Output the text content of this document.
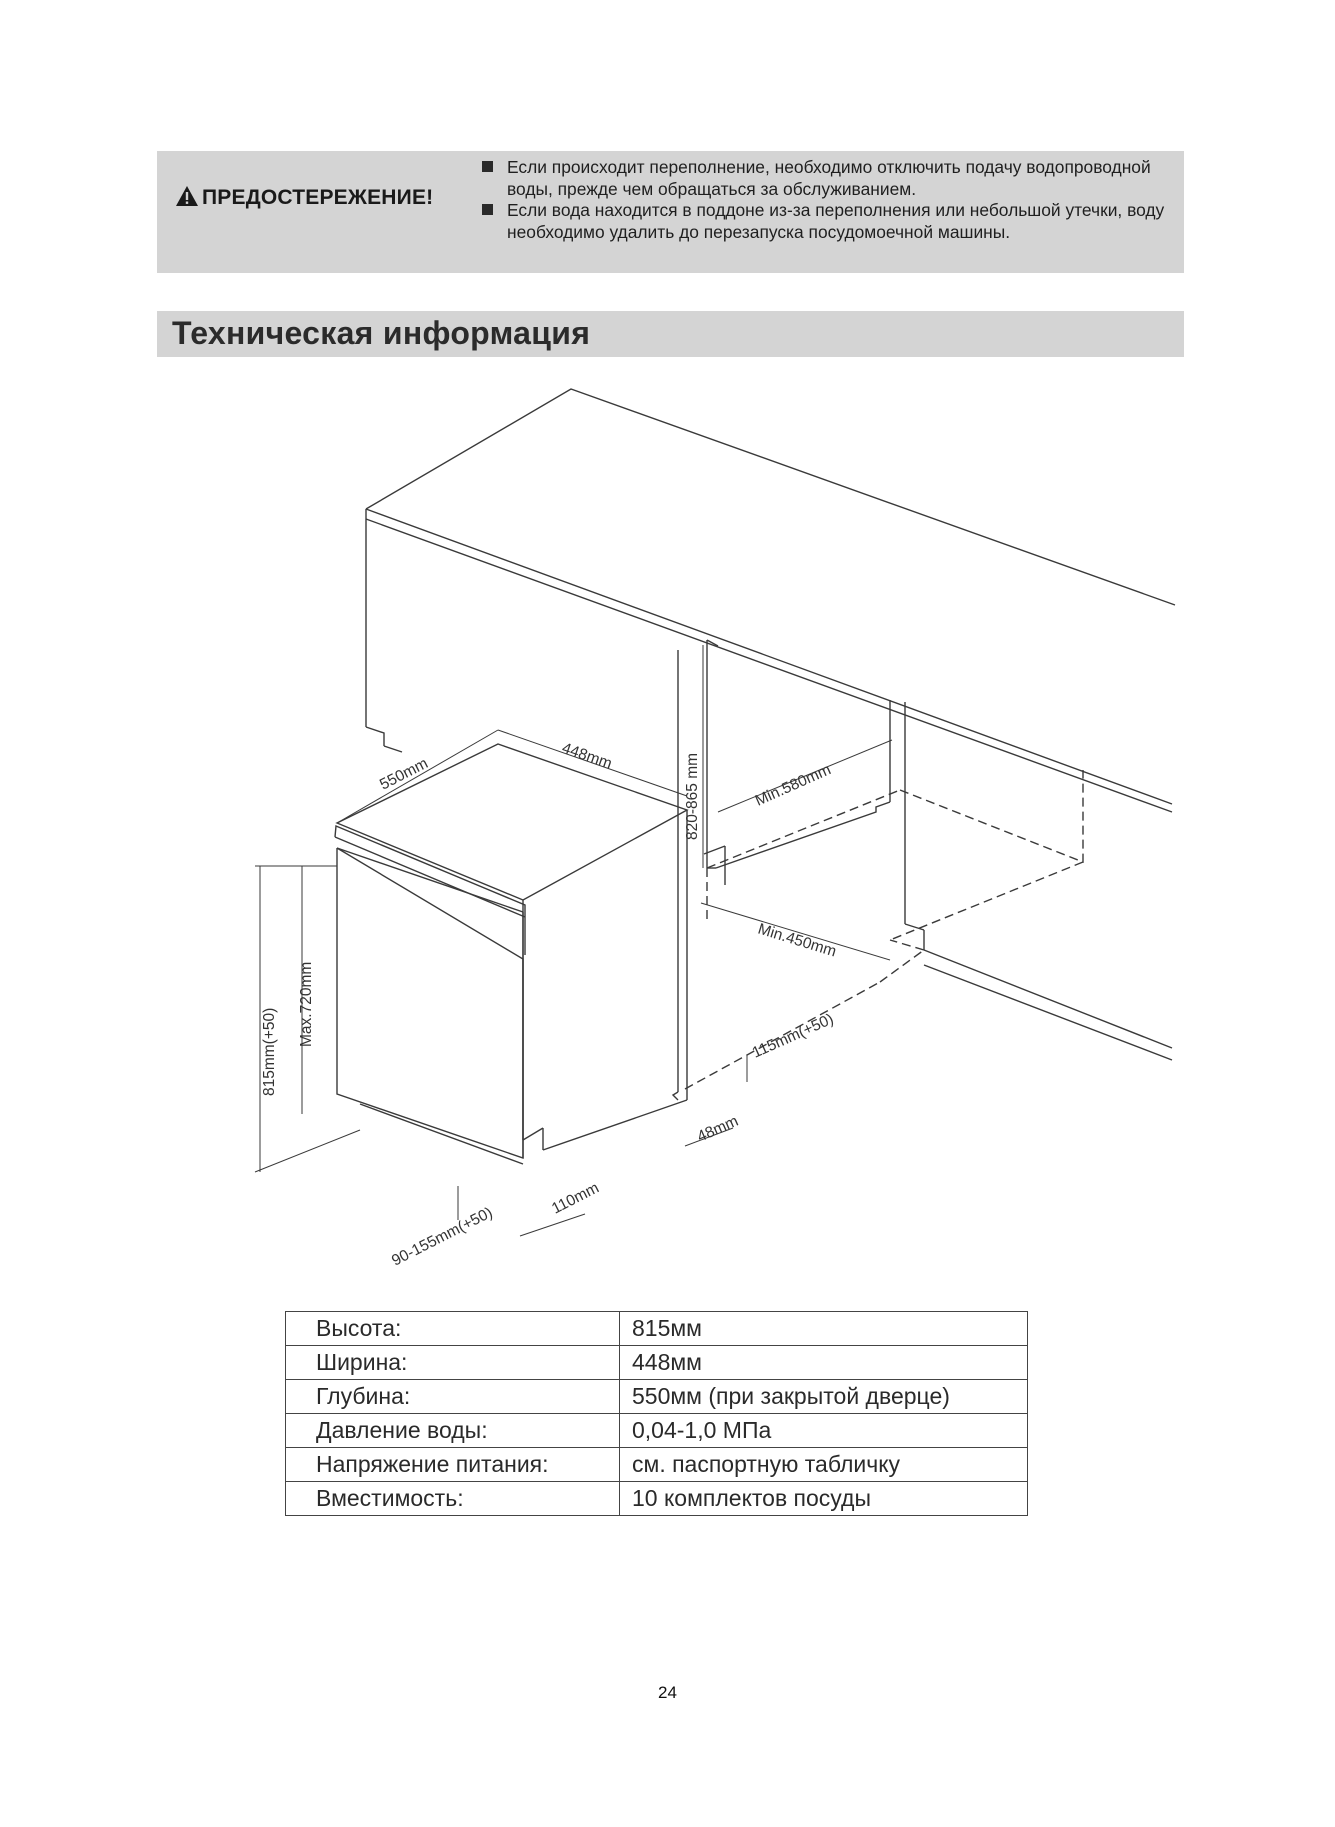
ПРЕДОСТЕРЕЖЕНИЕ!
Если происходит переполнение, необходимо отключить подачу водопроводной воды, прежде чем обращаться за обслуживанием.
Если вода находится в поддоне из-за переполнения или небольшой утечки, воду необходимо удалить до перезапуска посудомоечной машины.
Техническая информация
550mm	448mm	820-865 mm	Min.580mm
Min.450mm
115mm(+50)
48mm
815mm(+50)
Max.720mm
90-155mm(+50)
110mm
Высота:	815мм
Ширина:	448мм
Глубина:	550мм (при закрытой дверце)
Давление воды:	0,04-1,0 МПа
Напряжение питания:	см. паспортную табличку
Вместимость:	10 комплектов посуды
24
